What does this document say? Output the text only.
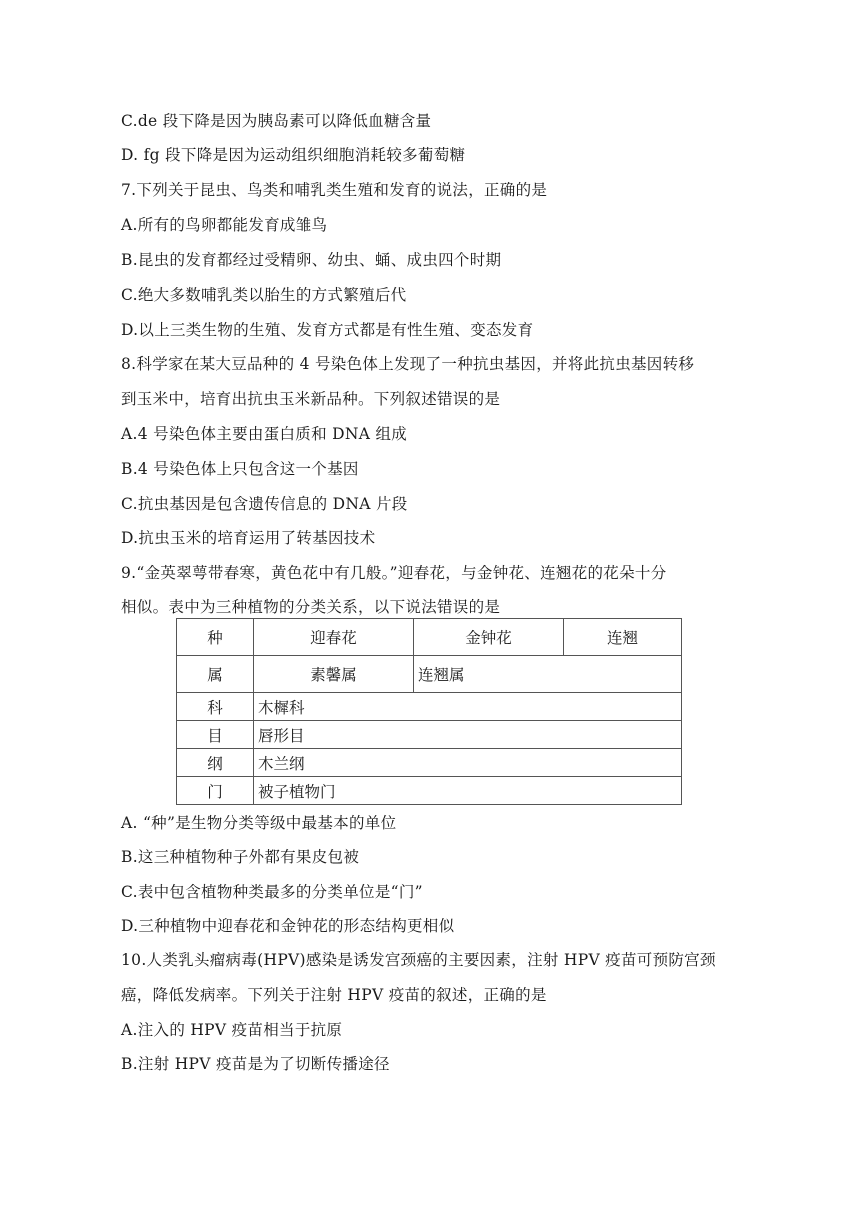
C.de 段下降是因为胰岛素可以降低血糖含量
D. fg 段下降是因为运动组织细胞消耗较多葡萄糖
7.下列关于昆虫、鸟类和哺乳类生殖和发育的说法，正确的是
A.所有的鸟卵都能发育成雏鸟
B.昆虫的发育都经过受精卵、幼虫、蛹、成虫四个时期
C.绝大多数哺乳类以胎生的方式繁殖后代
D.以上三类生物的生殖、发育方式都是有性生殖、变态发育
8.科学家在某大豆品种的 4 号染色体上发现了一种抗虫基因，并将此抗虫基因转移
到玉米中，培育出抗虫玉米新品种。下列叙述错误的是
A.4 号染色体主要由蛋白质和 DNA 组成
B.4 号染色体上只包含这一个基因
C.抗虫基因是包含遗传信息的 DNA 片段
D.抗虫玉米的培育运用了转基因技术
9.“金英翠萼带春寒，黄色花中有几般。”迎春花，与金钟花、连翘花的花朵十分
相似。表中为三种植物的分类关系，以下说法错误的是
种	迎春花	金钟花	连翘
属	素馨属	连翘属	
科	木樨科		
目	唇形目		
纲	木兰纲		
门	被子植物门		
A. “种”是生物分类等级中最基本的单位
B.这三种植物种子外都有果皮包被
C.表中包含植物种类最多的分类单位是“门”
D.三种植物中迎春花和金钟花的形态结构更相似
10.人类乳头瘤病毒(HPV)感染是诱发宫颈癌的主要因素，注射 HPV 疫苗可预防宫颈
癌，降低发病率。下列关于注射 HPV 疫苗的叙述，正确的是
A.注入的 HPV 疫苗相当于抗原
B.注射 HPV 疫苗是为了切断传播途径
